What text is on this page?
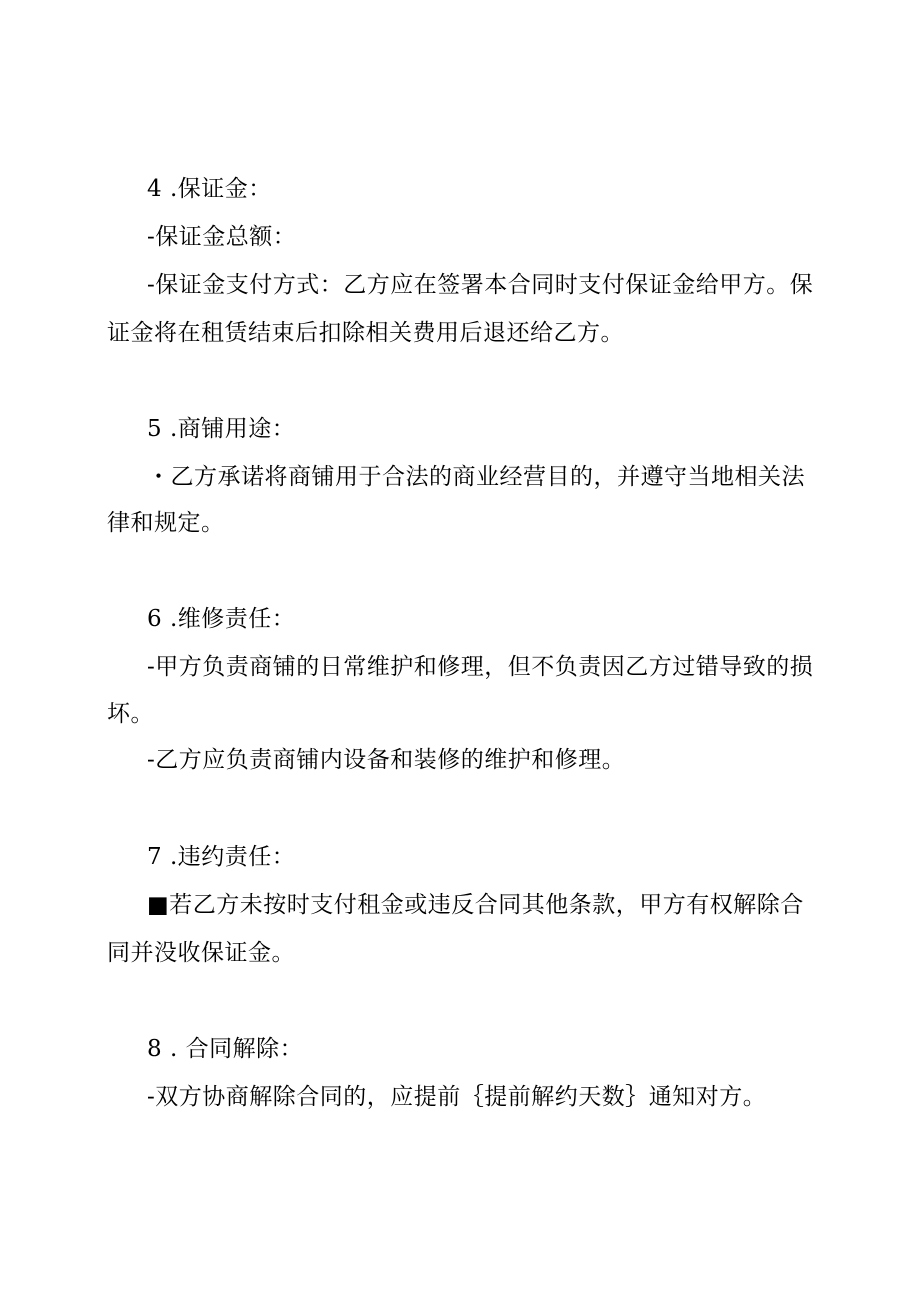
4 .保证金：
-保证金总额：
-保证金支付方式：乙方应在签署本合同时支付保证金给甲方。保
证金将在租赁结束后扣除相关费用后退还给乙方。
5 .商铺用途：
・乙方承诺将商铺用于合法的商业经营目的，并遵守当地相关法
律和规定。
6 .维修责任：
-甲方负责商铺的日常维护和修理，但不负责因乙方过错导致的损
坏。
-乙方应负责商铺内设备和装修的维护和修理。
7 .违约责任：
■若乙方未按时支付租金或违反合同其他条款，甲方有权解除合
同并没收保证金。
8 . 合同解除：
-双方协商解除合同的，应提前｛提前解约天数｝通知对方。
